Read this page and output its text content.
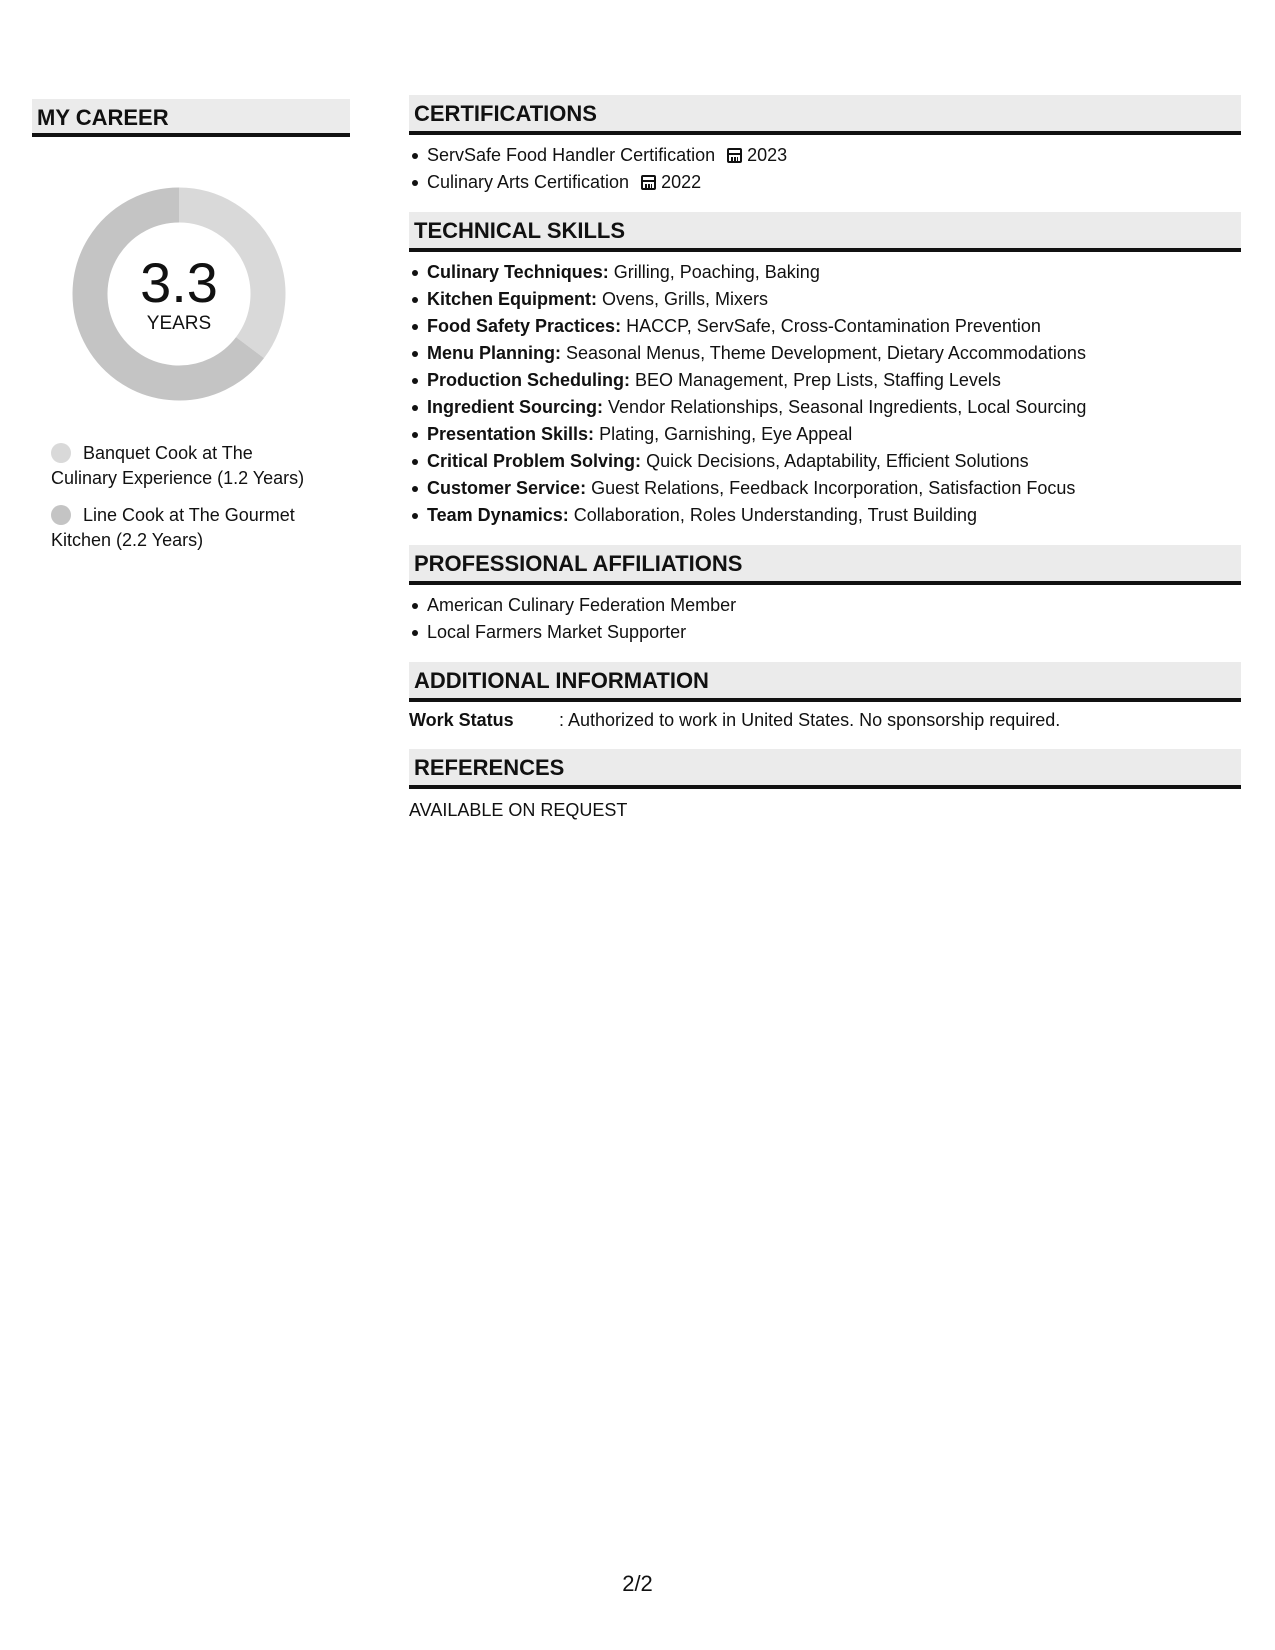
MY CAREER
3.3
YEARS
Banquet Cook at The Culinary Experience (1.2 Years)
Line Cook at The Gourmet Kitchen (2.2 Years)
CERTIFICATIONS
ServSafe Food Handler Certification 2023
Culinary Arts Certification 2022
TECHNICAL SKILLS
Culinary Techniques: Grilling, Poaching, Baking
Kitchen Equipment: Ovens, Grills, Mixers
Food Safety Practices: HACCP, ServSafe, Cross-Contamination Prevention
Menu Planning: Seasonal Menus, Theme Development, Dietary Accommodations
Production Scheduling: BEO Management, Prep Lists, Staffing Levels
Ingredient Sourcing: Vendor Relationships, Seasonal Ingredients, Local Sourcing
Presentation Skills: Plating, Garnishing, Eye Appeal
Critical Problem Solving: Quick Decisions, Adaptability, Efficient Solutions
Customer Service: Guest Relations, Feedback Incorporation, Satisfaction Focus
Team Dynamics: Collaboration, Roles Understanding, Trust Building
PROFESSIONAL AFFILIATIONS
American Culinary Federation Member
Local Farmers Market Supporter
ADDITIONAL INFORMATION
Work Status	: Authorized to work in United States. No sponsorship required.
REFERENCES
AVAILABLE ON REQUEST
2/2
